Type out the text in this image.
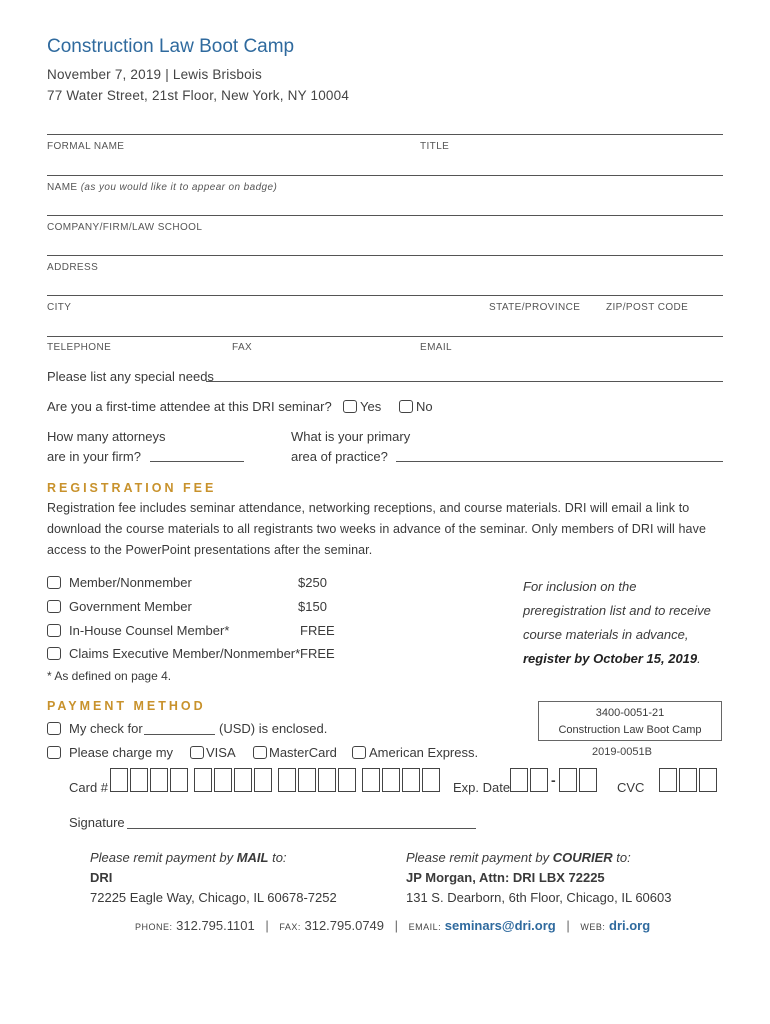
Construction Law Boot Camp
November 7, 2019 | Lewis Brisbois
77 Water Street, 21st Floor, New York, NY 10004
FORMAL NAME	TITLE
NAME (as you would like it to appear on badge)
COMPANY/FIRM/LAW SCHOOL
ADDRESS
CITY	STATE/PROVINCE	ZIP/POST CODE
TELEPHONE	FAX	EMAIL
Please list any special needs
Are you a first-time attendee at this DRI seminar? Yes	No
How many attorneys
are in your firm?
What is your primary
area of practice?
REGISTRATION FEE
Registration fee includes seminar attendance, networking receptions, and course materials. DRI will email a link to download the course materials to all registrants two weeks in advance of the seminar. Only members of DRI will have access to the PowerPoint presentations after the seminar.
Member/Nonmember	$250
Government Member	$150
In-House Counsel Member*	FREE
Claims Executive Member/Nonmember* FREE
* As defined on page 4.
For inclusion on the
preregistration list and to receive
course materials in advance,
register by October 15, 2019.
PAYMENT METHOD	3400-0051-21
Construction Law Boot Camp
2019-0051B
My check for	(USD) is enclosed.
Please charge my	VISA	MasterCard American Express.
Card #	Exp. Date	-	CVC
Signature
Please remit payment by MAIL to:
DRI
72225 Eagle Way, Chicago, IL 60678-7252
Please remit payment by COURIER to:
JP Morgan, Attn: DRI LBX 72225
131 S. Dearborn, 6th Floor, Chicago, IL 60603
PHONE: 312.795.1101 | FAX: 312.795.0749 | EMAIL: seminars@dri.org | WEB: dri.org
